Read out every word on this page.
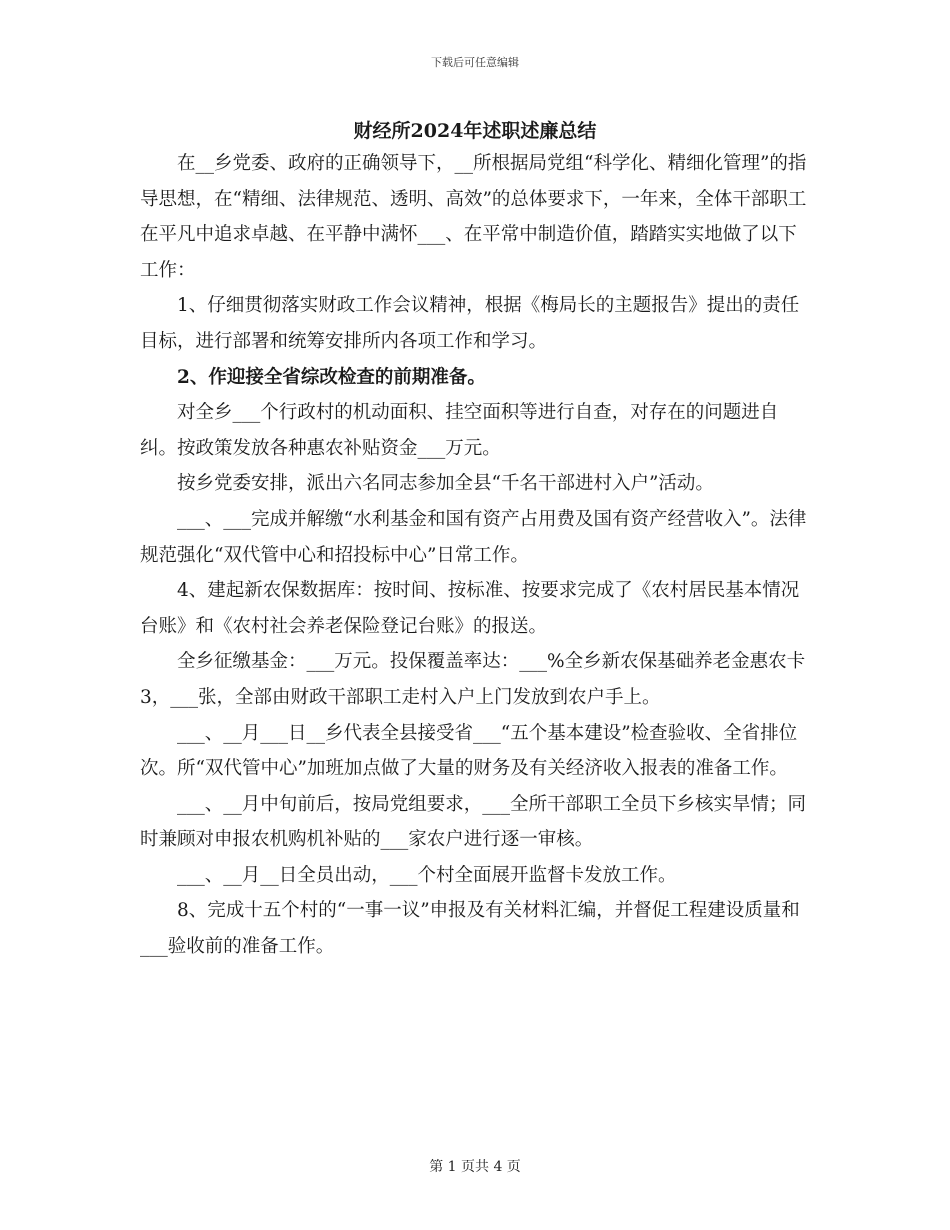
下载后可任意编辑
财经所2024年述职述廉总结

在__乡党委、政府的正确领导下，__所根据局党组“科学化、精细化管理”的指导思想，在“精细、法律规范、透明、高效”的总体要求下，一年来，全体干部职工在平凡中追求卓越、在平静中满怀___、在平常中制造价值，踏踏实实地做了以下工作：

1、仔细贯彻落实财政工作会议精神，根据《梅局长的主题报告》提出的责任目标，进行部署和统筹安排所内各项工作和学习。

2、作迎接全省综改检查的前期准备。

对全乡___个行政村的机动面积、挂空面积等进行自查，对存在的问题进自纠。按政策发放各种惠农补贴资金___万元。

按乡党委安排，派出六名同志参加全县“千名干部进村入户”活动。

___、___完成并解缴“水利基金和国有资产占用费及国有资产经营收入”。法律规范强化“双代管中心和招投标中心”日常工作。

4、建起新农保数据库：按时间、按标准、按要求完成了《农村居民基本情况台账》和《农村社会养老保险登记台账》的报送。

全乡征缴基金：___万元。投保覆盖率达：___%全乡新农保基础养老金惠农卡3，___张，全部由财政干部职工走村入户上门发放到农户手上。

___、__月___日__乡代表全县接受省___“五个基本建设”检查验收、全省排位次。所“双代管中心”加班加点做了大量的财务及有关经济收入报表的准备工作。

___、__月中旬前后，按局党组要求，___全所干部职工全员下乡核实旱情；同时兼顾对申报农机购机补贴的___家农户进行逐一审核。

___、__月__日全员出动，___个村全面展开监督卡发放工作。

8、完成十五个村的“一事一议”申报及有关材料汇编，并督促工程建设质量和___验收前的准备工作。

第 1 页共 4 页
